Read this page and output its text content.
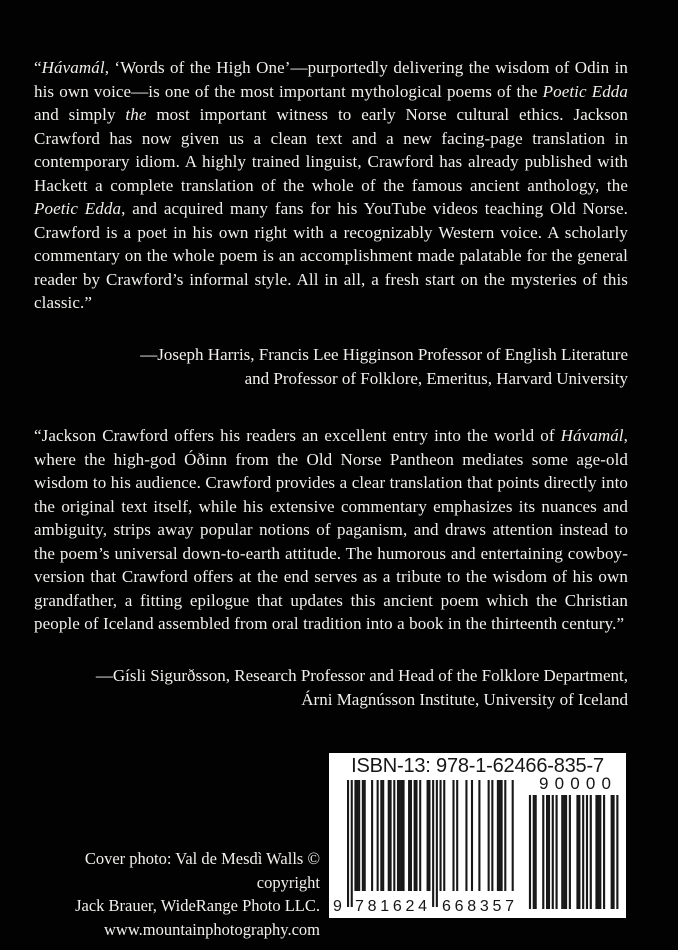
“Hávamál, ‘Words of the High One’—purportedly delivering the wisdom of Odin in his own voice—is one of the most important mythological poems of the Poetic Edda and simply the most important witness to early Norse cultural ethics. Jackson Crawford has now given us a clean text and a new facing-page translation in contemporary idiom. A highly trained linguist, Crawford has already published with Hackett a complete translation of the whole of the famous ancient anthology, the Poetic Edda, and acquired many fans for his YouTube videos teaching Old Norse. Crawford is a poet in his own right with a recognizably Western voice. A scholarly commentary on the whole poem is an accomplishment made palatable for the general reader by Crawford’s informal style. All in all, a fresh start on the mysteries of this classic.”

—Joseph Harris, Francis Lee Higginson Professor of English Literature
and Professor of Folklore, Emeritus, Harvard University

“Jackson Crawford offers his readers an excellent entry into the world of Hávamál, where the high-god Óðinn from the Old Norse Pantheon mediates some age-old wisdom to his audience. Crawford provides a clear translation that points directly into the original text itself, while his extensive commentary emphasizes its nuances and ambiguity, strips away popular notions of paganism, and draws attention instead to the poem’s universal down-to-earth attitude. The humorous and entertaining cowboy-version that Crawford offers at the end serves as a tribute to the wisdom of his own grandfather, a fitting epilogue that updates this ancient poem which the Christian people of Iceland assembled from oral tradition into a book in the thirteenth century.”

—Gísli Sigurðsson, Research Professor and Head of the Folklore Department,
Árni Magnússon Institute, University of Iceland
Cover photo: Val de Mesdì Walls © copyright
Jack Brauer, WideRange Photo LLC.
www.mountainphotography.com
ISBN-13: 978-1-62466-835-7
9 781624 668357
90000
